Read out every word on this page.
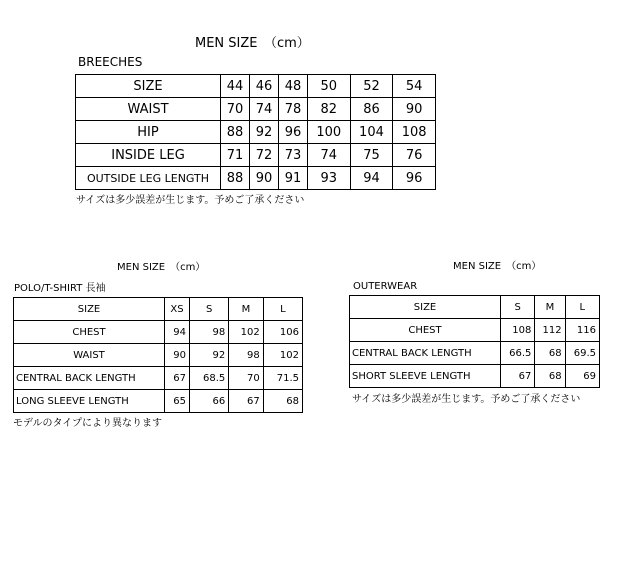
MEN SIZE　（cm）
BREECHES
SIZE	44	46	48	50	52	54
WAIST	70	74	78	82	86	90
HIP	88	92	96	100	104	108
INSIDE LEG	71	72	73	74	75	76
OUTSIDE LEG LENGTH	88	90	91	93	94	96
サイズは多少誤差が生じます。予めご了承ください
MEN SIZE　（cm）
POLO/T-SHIRT 長袖
SIZE	XS	S	M	L
CHEST	94	98	102	106
WAIST	90	92	98	102
CENTRAL BACK LENGTH	67	68.5	70	71.5
LONG SLEEVE LENGTH	65	66	67	68
モデルのタイプにより異なります
MEN SIZE　（cm）
OUTERWEAR
SIZE	S	M	L
CHEST	108	112	116
CENTRAL BACK LENGTH	66.5	68	69.5
SHORT SLEEVE LENGTH	67	68	69
サイズは多少誤差が生じます。予めご了承ください
